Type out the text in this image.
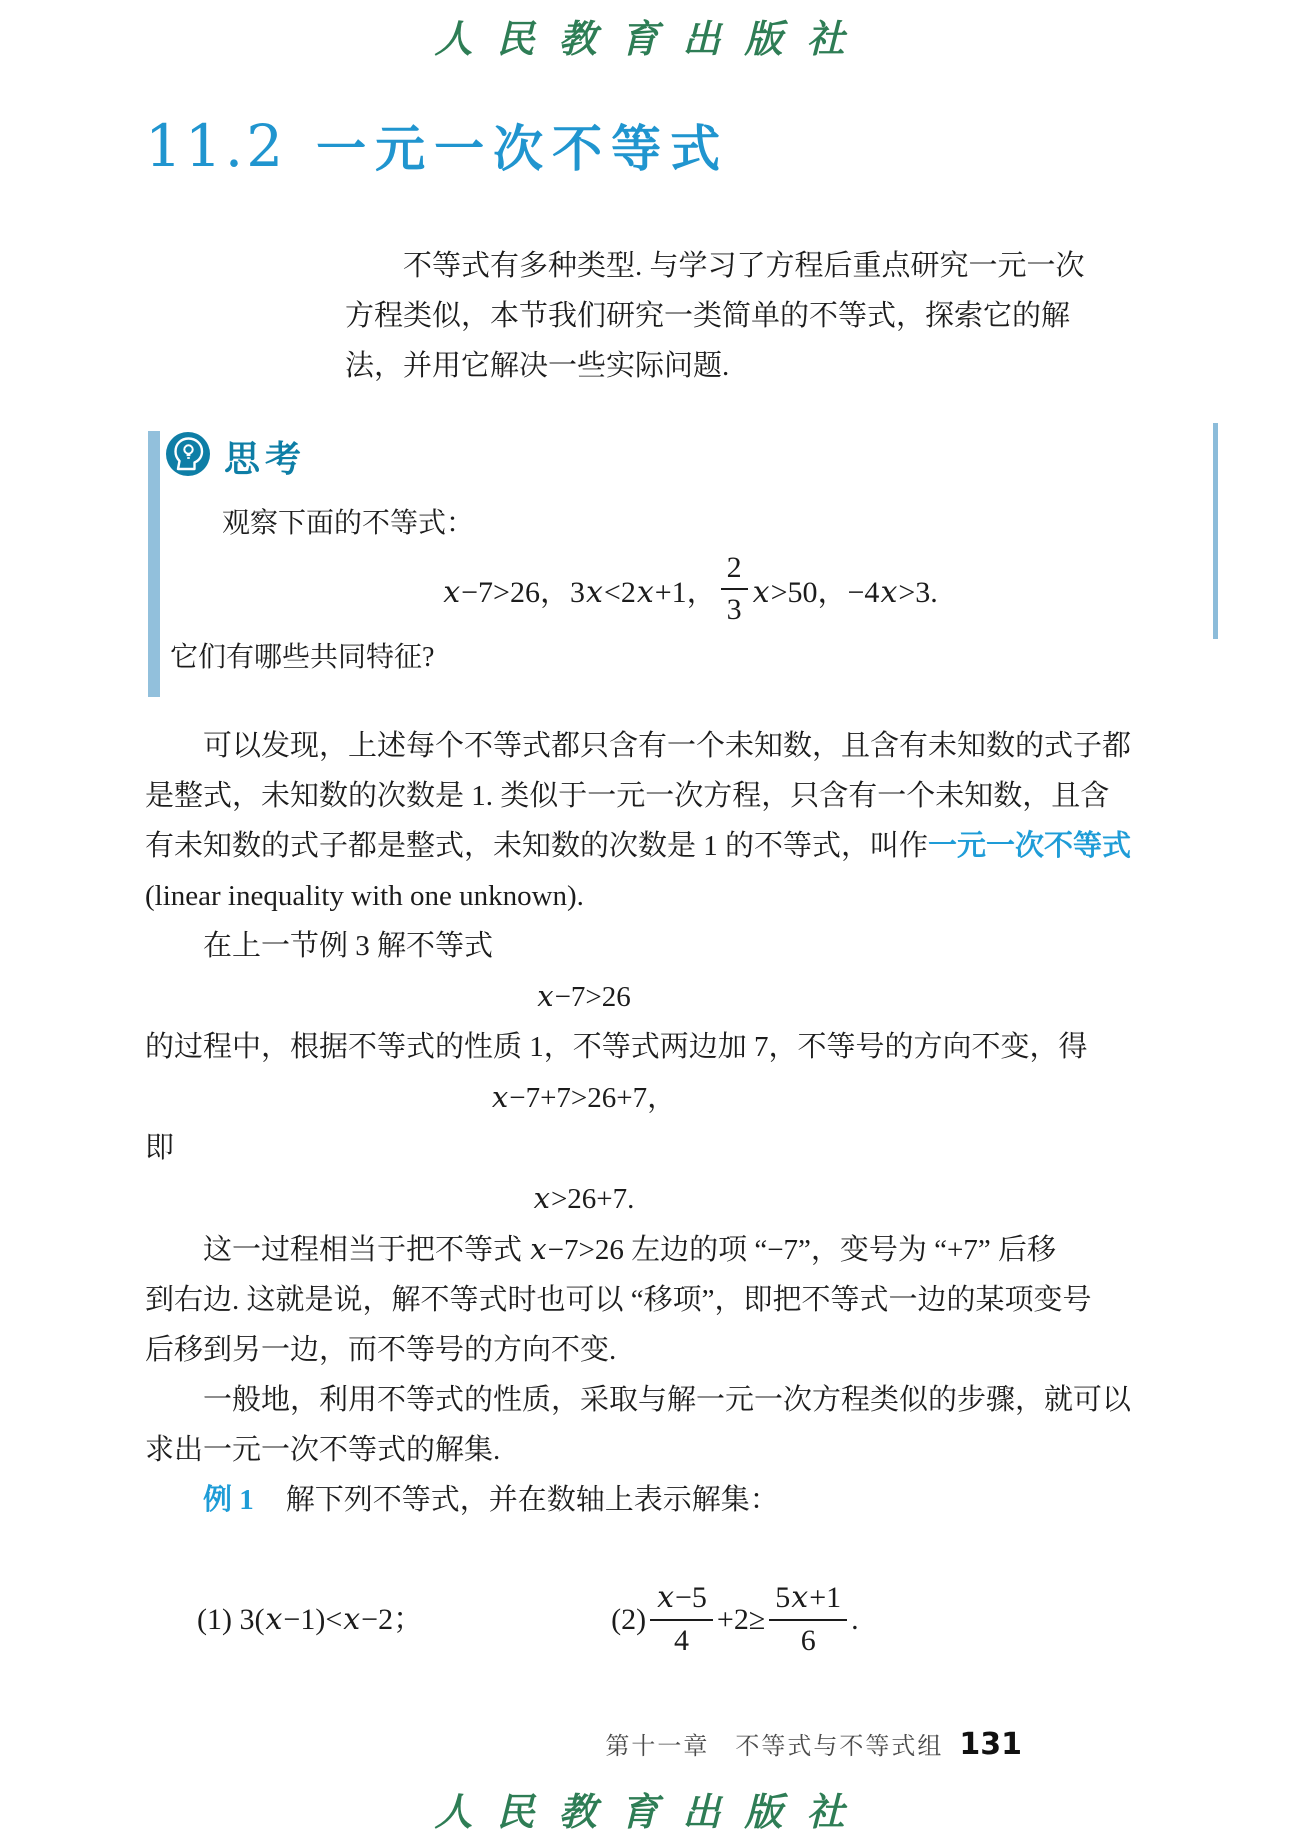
人民教育出版社
11.2 一元一次不等式
不等式有多种类型. 与学习了方程后重点研究一元一次
方程类似，本节我们研究一类简单的不等式，探索它的解
法，并用它解决一些实际问题.
思考
观察下面的不等式：
x−7>26，3x<2x+1， $\frac{2}{3} x>50$，−4x>3.
它们有哪些共同特征?
可以发现，上述每个不等式都只含有一个未知数，且含有未知数的式子都
是整式，未知数的次数是 1. 类似于一元一次方程，只含有一个未知数，且含
有未知数的式子都是整式，未知数的次数是 1 的不等式，叫作一元一次不等式
(linear inequality with one unknown).
在上一节例 3 解不等式
x−7>26
的过程中，根据不等式的性质 1，不等式两边加 7，不等号的方向不变，得
x−7+7>26+7，
即
x>26+7.
这一过程相当于把不等式 x−7>26 左边的项 “−7”，变号为 “+7” 后移
到右边. 这就是说，解不等式时也可以 “移项”，即把不等式一边的某项变号
后移到另一边，而不等号的方向不变.
一般地，利用不等式的性质，采取与解一元一次方程类似的步骤，就可以
求出一元一次不等式的解集.
例 1 解下列不等式，并在数轴上表示解集：
(1) 3(x−1)<x−2；	$(2) \frac{x-5}{4} +2\ge \frac{5x+1}{6}$ .
第十一章　不等式与不等式组 131
人民教育出版社
